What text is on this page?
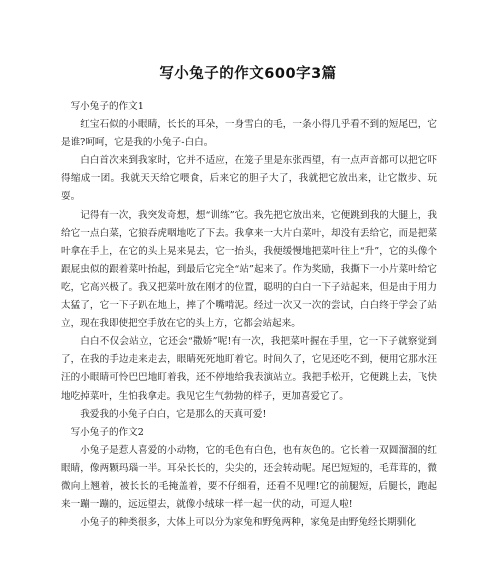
写小兔子的作文600字3篇

写小兔子的作文1

红宝石似的小眼睛，长长的耳朵，一身雪白的毛，一条小得几乎看不到的短尾巴，它是谁?呵呵，它是我的小兔子-白白。

白白首次来到我家时，它并不适应，在笼子里是东张西望，有一点声音都可以把它吓得缩成一团。我就天天给它喂食，后来它的胆子大了，我就把它放出来，让它散步、玩耍。

记得有一次，我突发奇想，想“训练”它。我先把它放出来，它便跳到我的大腿上，我给它一点白菜，它狼吞虎咽地吃了下去。我拿来一大片白菜叶，却没有丢给它，而是把菜叶拿在手上，在它的头上晃来晃去，它一抬头，我便缓慢地把菜叶往上“升”，它的头像个跟屁虫似的跟着菜叶抬起，到最后它完全“站”起来了。作为奖励，我撕下一小片菜叶给它吃，它高兴极了。我又把菜叶放在刚才的位置，聪明的白白一下子站起来，但是由于用力太猛了，它一下子趴在地上，摔了个嘴啃泥。经过一次又一次的尝试，白白终于学会了站立，现在我即使把空手放在它的头上方，它都会站起来。

白白不仅会站立，它还会“撒娇”呢!有一次，我把菜叶握在手里，它一下子就察觉到了，在我的手边走来走去，眼睛死死地盯着它。时间久了，它见还吃不到，便用它那水汪汪的小眼睛可怜巴巴地盯着我，还不停地给我表演站立。我把手松开，它便跳上去，飞快地吃掉菜叶，生怕我拿走。我见它生气勃勃的样子，更加喜爱它了。

我爱我的小兔子白白，它是那么的天真可爱!

写小兔子的作文2

小兔子是惹人喜爱的小动物，它的毛色有白色，也有灰色的。它长着一双圆溜溜的红眼睛，像两颗玛瑙一半。耳朵长长的，尖尖的，还会转动呢。尾巴短短的，毛茸茸的，微微向上翘着，被长长的毛掩盖着，要不仔细看，还看不见哩!它的前腿短，后腿长，跑起来一蹦一蹦的，远远望去，就像小绒球一样一起一伏的动，可逗人啦!

小兔子的种类很多，大体上可以分为家兔和野兔两种，家兔是由野兔经长期驯化
